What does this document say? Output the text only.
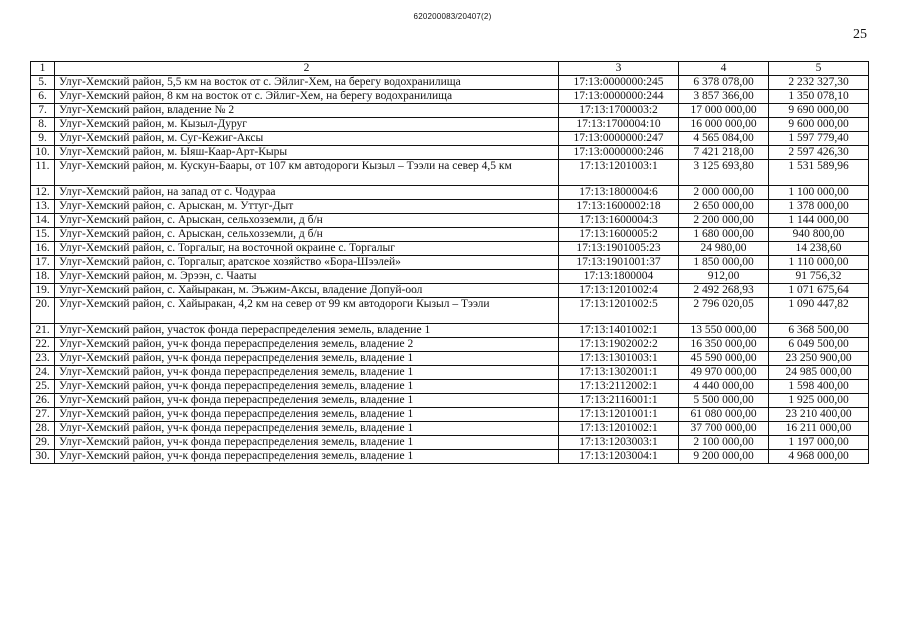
620200083/20407(2)
25
1	2	3	4	5
5.	Улуг-Хемский район, 5,5 км на восток от с. Эйлиг-Хем, на берегу водохранилища	17:13:0000000:245	6 378 078,00	2 232 327,30
6.	Улуг-Хемский район, 8 км на восток от с. Эйлиг-Хем, на берегу водохранилища	17:13:0000000:244	3 857 366,00	1 350 078,10
7.	Улуг-Хемский район, владение № 2	17:13:1700003:2	17 000 000,00	9 690 000,00
8.	Улуг-Хемский район, м. Кызыл-Дуруг	17:13:1700004:10	16 000 000,00	9 600 000,00
9.	Улуг-Хемский район, м. Суг-Кежиг-Аксы	17:13:0000000:247	4 565 084,00	1 597 779,40
10.	Улуг-Хемский район, м. Ыяш-Каар-Арт-Кыры	17:13:0000000:246	7 421 218,00	2 597 426,30
11.	Улуг-Хемский район, м. Кускун-Баары, от 107 км автодороги Кызыл – Тээли на север 4,5 км	17:13:1201003:1	3 125 693,80	1 531 589,96
12.	Улуг-Хемский район, на запад от с. Чодураа	17:13:1800004:6	2 000 000,00	1 100 000,00
13.	Улуг-Хемский район, с. Арыскан, м. Уттуг-Дыт	17:13:1600002:18	2 650 000,00	1 378 000,00
14.	Улуг-Хемский район, с. Арыскан, сельхозземли, д б/н	17:13:1600004:3	2 200 000,00	1 144 000,00
15.	Улуг-Хемский район, с. Арыскан, сельхозземли, д б/н	17:13:1600005:2	1 680 000,00	940 800,00
16.	Улуг-Хемский район, с. Торгалыг, на восточной окраине с. Торгалыг	17:13:1901005:23	24 980,00	14 238,60
17.	Улуг-Хемский район, с. Торгалыг, аратское хозяйство «Бора-Шээлей»	17:13:1901001:37	1 850 000,00	1 110 000,00
18.	Улуг-Хемский район, м. Эрээн, с. Чааты	17:13:1800004	912,00	91 756,32
19.	Улуг-Хемский район, с. Хайыракан, м. Эъжим-Аксы, владение Допуй-оол	17:13:1201002:4	2 492 268,93	1 071 675,64
20.	Улуг-Хемский район, с. Хайыракан, 4,2 км на север от 99 км автодороги Кызыл – Тээли	17:13:1201002:5	2 796 020,05	1 090 447,82
21.	Улуг-Хемский район, участок фонда перераспределения земель, владение 1	17:13:1401002:1	13 550 000,00	6 368 500,00
22.	Улуг-Хемский район, уч-к фонда перераспределения земель, владение 2	17:13:1902002:2	16 350 000,00	6 049 500,00
23.	Улуг-Хемский район, уч-к фонда перераспределения земель, владение 1	17:13:1301003:1	45 590 000,00	23 250 900,00
24.	Улуг-Хемский район, уч-к фонда перераспределения земель, владение 1	17:13:1302001:1	49 970 000,00	24 985 000,00
25.	Улуг-Хемский район, уч-к фонда перераспределения земель, владение 1	17:13:2112002:1	4 440 000,00	1 598 400,00
26.	Улуг-Хемский район, уч-к фонда перераспределения земель, владение 1	17:13:2116001:1	5 500 000,00	1 925 000,00
27.	Улуг-Хемский район, уч-к фонда перераспределения земель, владение 1	17:13:1201001:1	61 080 000,00	23 210 400,00
28.	Улуг-Хемский район, уч-к фонда перераспределения земель, владение 1	17:13:1201002:1	37 700 000,00	16 211 000,00
29.	Улуг-Хемский район, уч-к фонда перераспределения земель, владение 1	17:13:1203003:1	2 100 000,00	1 197 000,00
30.	Улуг-Хемский район, уч-к фонда перераспределения земель, владение 1	17:13:1203004:1	9 200 000,00	4 968 000,00
